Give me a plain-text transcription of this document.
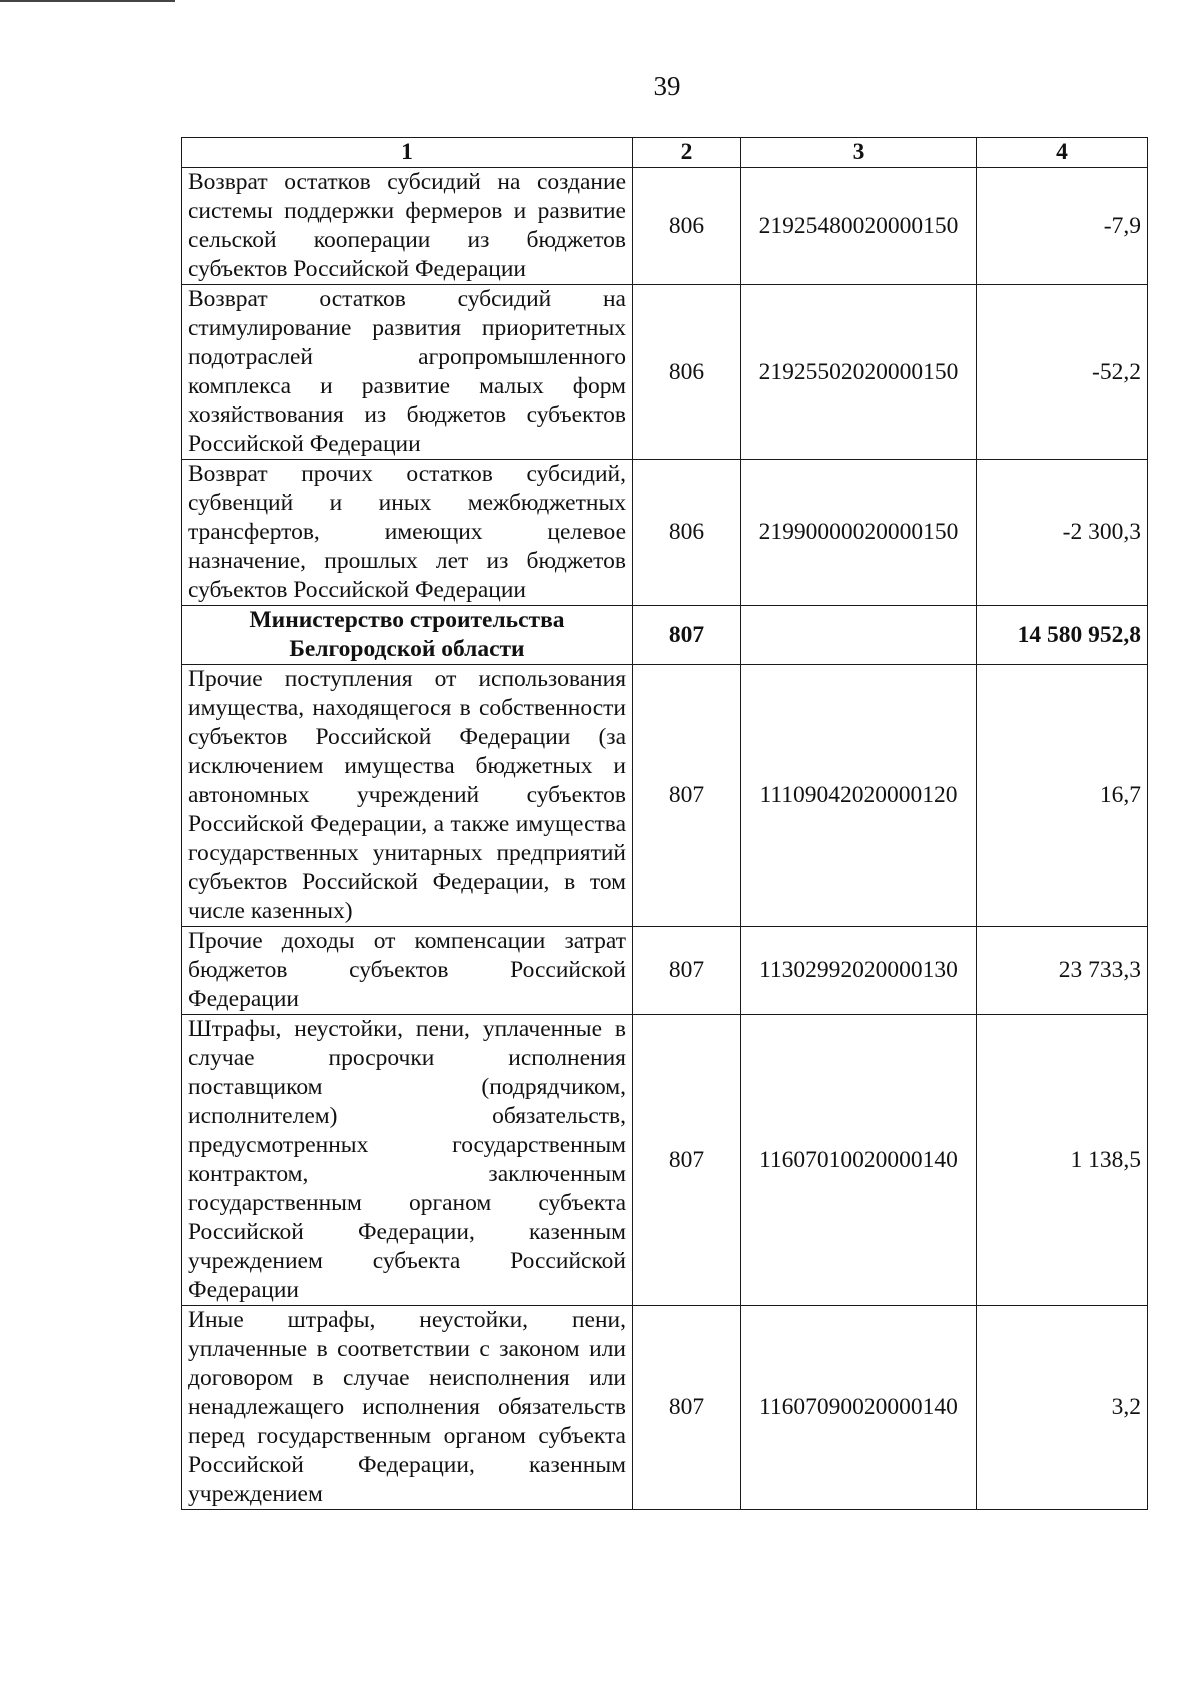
39
1	2	3	4
Возврат остатков субсидий на создание системы поддержки фермеров и развитие сельской кооперации из бюджетов субъектов Российской Федерации	806	21925480020000150	-7,9
Возврат остатков субсидий на стимулирование развития приоритетных подотраслей агропромышленного комплекса и развитие малых форм хозяйствования из бюджетов субъектов Российской Федерации	806	21925502020000150	-52,2
Возврат прочих остатков субсидий, субвенций и иных межбюджетных трансфертов, имеющих целевое назначение, прошлых лет из бюджетов субъектов Российской Федерации	806	21990000020000150	-2 300,3
Министерство строительства Белгородской области	807		14 580 952,8
Прочие поступления от использования имущества, находящегося в собственности субъектов Российской Федерации (за исключением имущества бюджетных и автономных учреждений субъектов Российской Федерации, а также имущества государственных унитарных предприятий субъектов Российской Федерации, в том числе казенных)	807	11109042020000120	16,7
Прочие доходы от компенсации затрат бюджетов субъектов Российской Федерации	807	11302992020000130	23 733,3
Штрафы, неустойки, пени, уплаченные в случае просрочки исполнения поставщиком (подрядчиком, исполнителем) обязательств, предусмотренных государственным контрактом, заключенным государственным органом субъекта Российской Федерации, казенным учреждением субъекта Российской Федерации	807	11607010020000140	1 138,5
Иные штрафы, неустойки, пени, уплаченные в соответствии с законом или договором в случае неисполнения или ненадлежащего исполнения обязательств перед государственным органом субъекта Российской Федерации, казенным учреждением	807	11607090020000140	3,2
